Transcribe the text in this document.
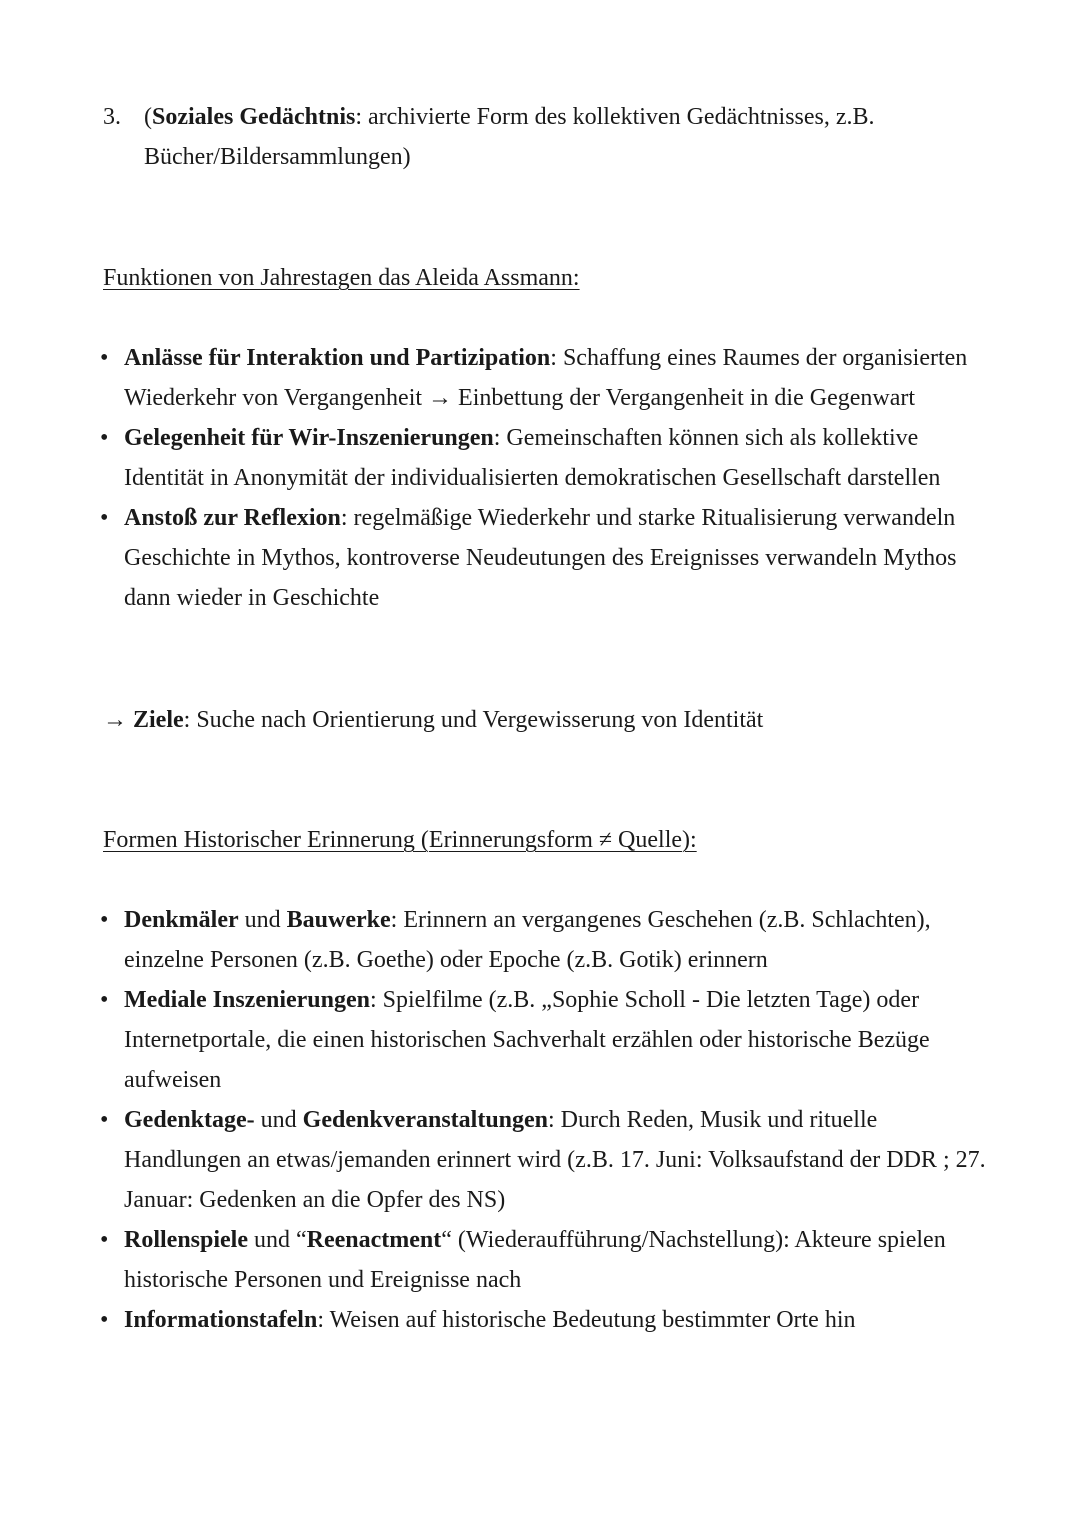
3. (Soziales Gedächtnis: archivierte Form des kollektiven Gedächtnisses, z.B. Bücher/Bildersammlungen)
Funktionen von Jahrestagen das Aleida Assmann:
• Anlässe für Interaktion und Partizipation: Schaffung eines Raumes der organisierten Wiederkehr von Vergangenheit → Einbettung der Vergangenheit in die Gegenwart
• Gelegenheit für Wir-Inszenierungen: Gemeinschaften können sich als kollektive Identität in Anonymität der individualisierten demokratischen Gesellschaft darstellen
• Anstoß zur Reflexion: regelmäßige Wiederkehr und starke Ritualisierung verwandeln Geschichte in Mythos, kontroverse Neudeutungen des Ereignisses verwandeln Mythos dann wieder in Geschichte
→ Ziele: Suche nach Orientierung und Vergewisserung von Identität
Formen Historischer Erinnerung (Erinnerungsform ≠ Quelle):
• Denkmäler und Bauwerke: Erinnern an vergangenes Geschehen (z.B. Schlachten), einzelne Personen (z.B. Goethe) oder Epoche (z.B. Gotik) erinnern
• Mediale Inszenierungen: Spielfilme (z.B. „Sophie Scholl - Die letzten Tage) oder Internetportale, die einen historischen Sachverhalt erzählen oder historische Bezüge aufweisen
• Gedenktage- und Gedenkveranstaltungen: Durch Reden, Musik und rituelle Handlungen an etwas/jemanden erinnert wird (z.B. 17. Juni: Volksaufstand der DDR ; 27. Januar: Gedenken an die Opfer des NS)
• Rollenspiele und “Reenactment“ (Wiederaufführung/Nachstellung): Akteure spielen historische Personen und Ereignisse nach
• Informationstafeln: Weisen auf historische Bedeutung bestimmter Orte hin
